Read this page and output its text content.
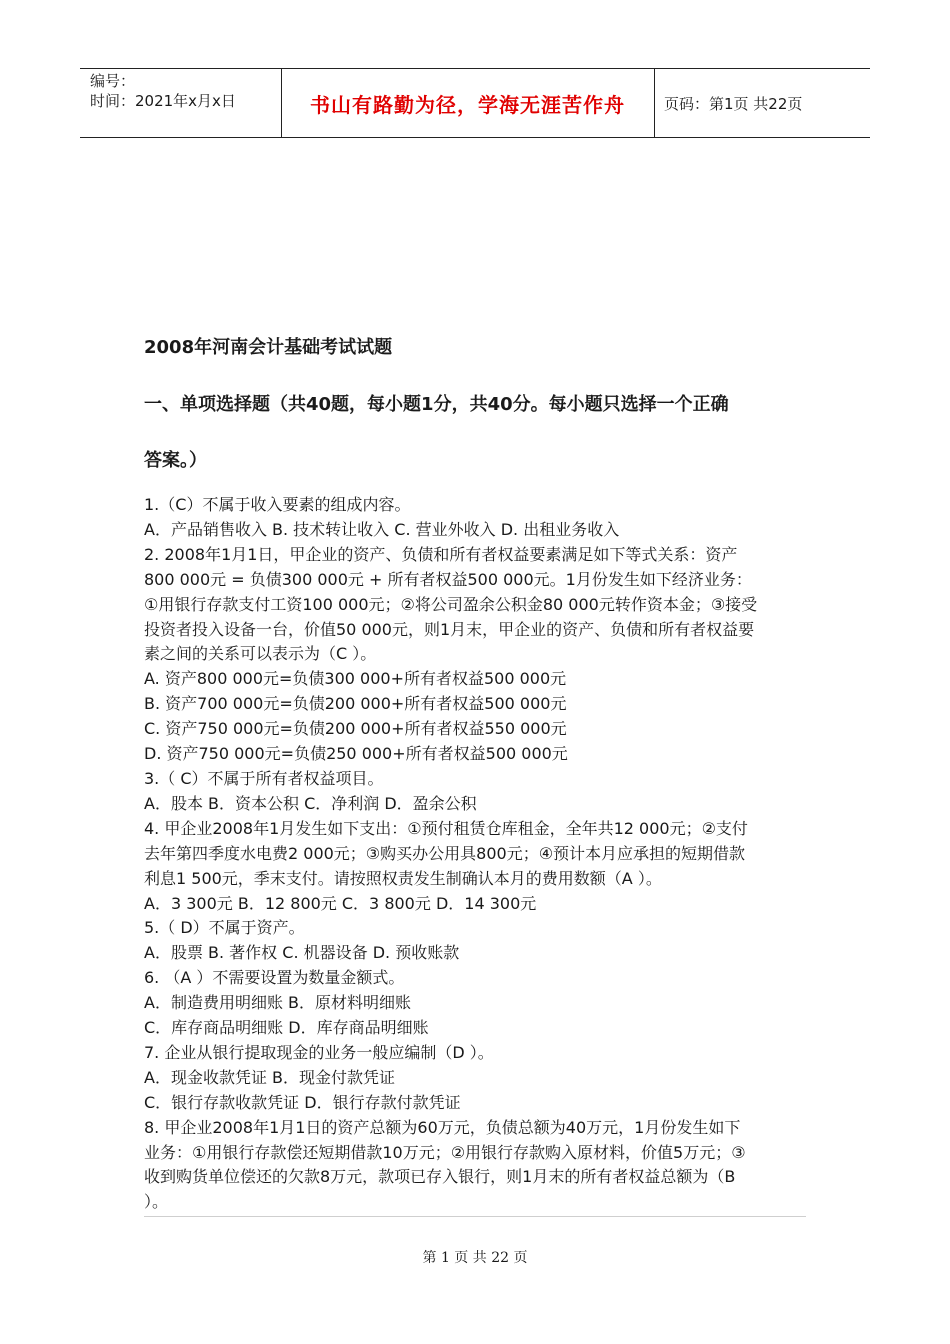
编号：
时间：2021年x月x日	书山有路勤为径，学海无涯苦作舟	页码：第1页 共22页
2008年河南会计基础考试试题
一、单项选择题（共40题，每小题1分，共40分。每小题只选择一个正确
答案。）

1.（C）不属于收入要素的组成内容。

A．产品销售收入 B. 技术转让收入 C. 营业外收入 D. 出租业务收入

2. 2008年1月1日，甲企业的资产、负债和所有者权益要素满足如下等式关系：资产

800 000元 = 负债300 000元 + 所有者权益500 000元。1月份发生如下经济业务：

①用银行存款支付工资100 000元；②将公司盈余公积金80 000元转作资本金；③接受

投资者投入设备一台，价值50 000元，则1月末，甲企业的资产、负债和所有者权益要

素之间的关系可以表示为（C ）。

A. 资产800 000元=负债300 000+所有者权益500 000元

B. 资产700 000元=负债200 000+所有者权益500 000元

C. 资产750 000元=负债200 000+所有者权益550 000元

D. 资产750 000元=负债250 000+所有者权益500 000元

3.（ C）不属于所有者权益项目。

A．股本 B．资本公积 C．净利润 D．盈余公积

4. 甲企业2008年1月发生如下支出：①预付租赁仓库租金，全年共12 000元；②支付

去年第四季度水电费2 000元；③购买办公用具800元；④预计本月应承担的短期借款

利息1 500元，季末支付。请按照权责发生制确认本月的费用数额（A ）。

A．3 300元 B．12 800元 C．3 800元 D．14 300元

5.（ D）不属于资产。

A．股票 B. 著作权 C. 机器设备 D. 预收账款

6. （A ）不需要设置为数量金额式。

A．制造费用明细账 B．原材料明细账

C．库存商品明细账 D．库存商品明细账

7. 企业从银行提取现金的业务一般应编制（D ）。

A．现金收款凭证 B．现金付款凭证

C．银行存款收款凭证 D．银行存款付款凭证

8. 甲企业2008年1月1日的资产总额为60万元，负债总额为40万元，1月份发生如下

业务：①用银行存款偿还短期借款10万元；②用银行存款购入原材料，价值5万元；③

收到购货单位偿还的欠款8万元，款项已存入银行，则1月末的所有者权益总额为（B

）。

第 1 页 共 22 页
